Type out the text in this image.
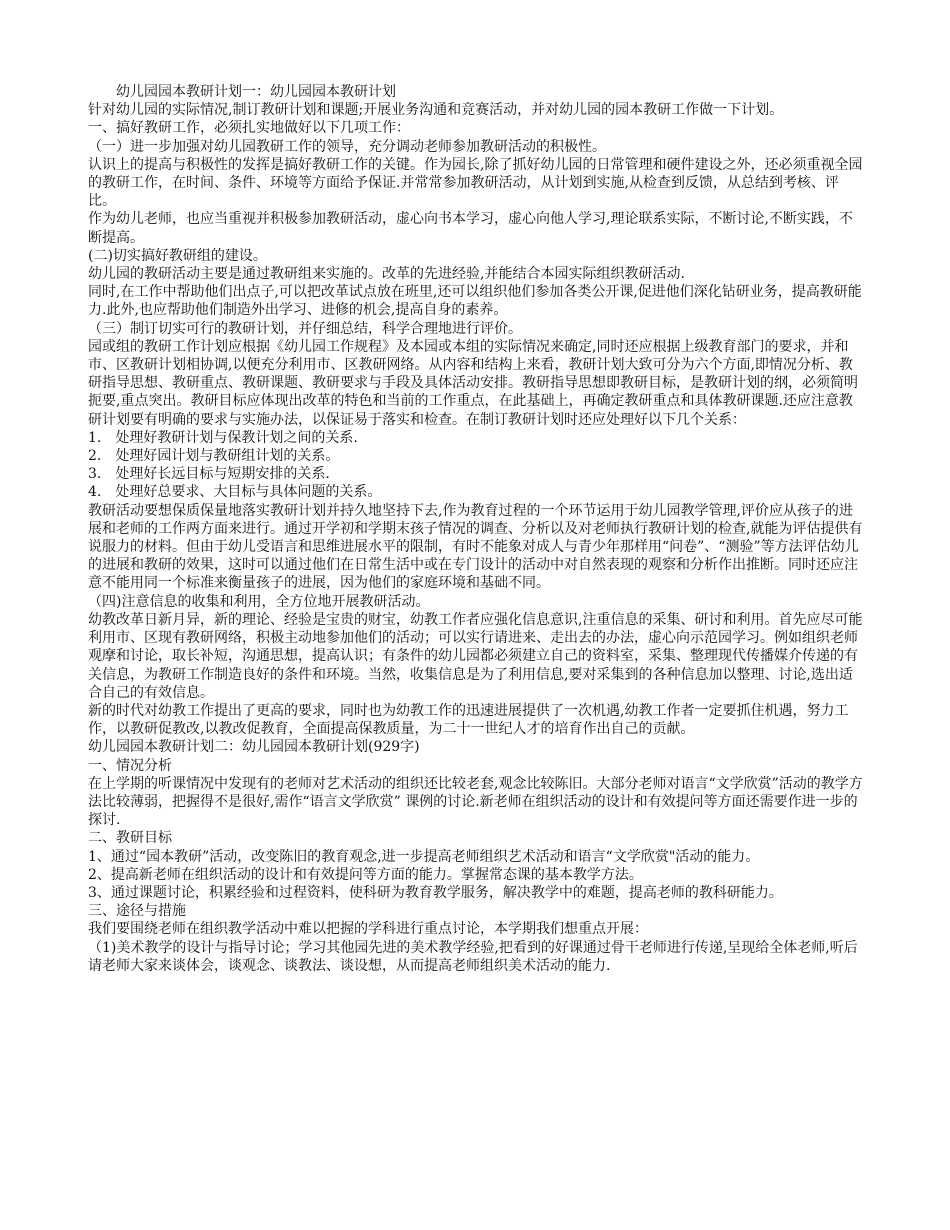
幼儿园园本教研计划一：幼儿园园本教研计划

针对幼儿园的实际情况,制订教研计划和课题;开展业务沟通和竞赛活动，并对幼儿园的园本教研工作做一下计划。

一、搞好教研工作，必须扎实地做好以下几项工作：

（一）进一步加强对幼儿园教研工作的领导，充分调动老师参加教研活动的积极性。

认识上的提高与积极性的发挥是搞好教研工作的关键。作为园长,除了抓好幼儿园的日常管理和硬件建设之外，还必须重视全园的教研工作，在时间、条件、环境等方面给予保证.并常常参加教研活动，从计划到实施,从检查到反馈，从总结到考核、评比。

作为幼儿老师，也应当重视并积极参加教研活动，虚心向书本学习，虚心向他人学习,理论联系实际，不断讨论,不断实践，不断提高。

(二)切实搞好教研组的建设。

幼儿园的教研活动主要是通过教研组来实施的。改革的先进经验,并能结合本园实际组织教研活动.

同时,在工作中帮助他们出点子,可以把改革试点放在班里,还可以组织他们参加各类公开课,促进他们深化钻研业务，提高教研能力.此外,也应帮助他们制造外出学习、进修的机会,提高自身的素养。

（三）制订切实可行的教研计划，并仔细总结，科学合理地进行评价。

园或组的教研工作计划应根据《幼儿园工作规程》及本园或本组的实际情况来确定,同时还应根据上级教育部门的要求，并和市、区教研计划相协调,以便充分利用市、区教研网络。从内容和结构上来看，教研计划大致可分为六个方面,即情况分析、教研指导思想、教研重点、教研课题、教研要求与手段及具体活动安排。教研指导思想即教研目标，是教研计划的纲，必须简明扼要,重点突出。教研目标应体现出改革的特色和当前的工作重点，在此基础上，再确定教研重点和具体教研课题.还应注意教研计划要有明确的要求与实施办法，以保证易于落实和检查。在制订教研计划时还应处理好以下几个关系：

1.　处理好教研计划与保教计划之间的关系.

2.　处理好园计划与教研组计划的关系。

3.　处理好长远目标与短期安排的关系.

4.　处理好总要求、大目标与具体问题的关系。

教研活动要想保质保量地落实教研计划并持久地坚持下去,作为教育过程的一个环节运用于幼儿园教学管理,评价应从孩子的进展和老师的工作两方面来进行。通过开学初和学期末孩子情况的调查、分析以及对老师执行教研计划的检查,就能为评估提供有说服力的材料。但由于幼儿受语言和思维进展水平的限制，有时不能象对成人与青少年那样用“问卷”、“测验”等方法评估幼儿的进展和教研的效果，这时可以通过他们在日常生活中或在专门设计的活动中对自然表现的观察和分析作出推断。同时还应注意不能用同一个标准来衡量孩子的进展，因为他们的家庭环境和基础不同。

（四)注意信息的收集和利用，全方位地开展教研活动。

幼教改革日新月异，新的理论、经验是宝贵的财宝，幼教工作者应强化信息意识,注重信息的采集、研讨和利用。首先应尽可能利用市、区现有教研网络，积极主动地参加他们的活动；可以实行请进来、走出去的办法，虚心向示范园学习。例如组织老师观摩和讨论，取长补短，沟通思想，提高认识；有条件的幼儿园都必须建立自己的资料室，采集、整理现代传播媒介传递的有关信息，为教研工作制造良好的条件和环境。当然，收集信息是为了利用信息,要对采集到的各种信息加以整理、讨论,选出适合自己的有效信息。

新的时代对幼教工作提出了更高的要求，同时也为幼教工作的迅速进展提供了一次机遇,幼教工作者一定要抓住机遇，努力工作，以教研促教改,以教改促教育，全面提高保教质量，为二十一世纪人才的培育作出自己的贡献。

幼儿园园本教研计划二：幼儿园园本教研计划(929字)

一、情况分析

在上学期的听课情况中发现有的老师对艺术活动的组织还比较老套,观念比较陈旧。大部分老师对语言“文学欣赏”活动的教学方法比较薄弱，把握得不是很好,需作“语言文学欣赏” 课例的讨论.新老师在组织活动的设计和有效提问等方面还需要作进一步的探讨.

二、教研目标

1、通过“园本教研”活动，改变陈旧的教育观念,进一步提高老师组织艺术活动和语言“文学欣赏"活动的能力。

2、提高新老师在组织活动的设计和有效提问等方面的能力。掌握常态课的基本教学方法。

3、通过课题讨论，积累经验和过程资料，使科研为教育教学服务，解决教学中的难题，提高老师的教科研能力。

三、途径与措施

我们要围绕老师在组织教学活动中难以把握的学科进行重点讨论，本学期我们想重点开展：

（1)美术教学的设计与指导讨论；学习其他园先进的美术教学经验,把看到的好课通过骨干老师进行传递,呈现给全体老师,听后请老师大家来谈体会，谈观念、谈教法、谈设想，从而提高老师组织美术活动的能力.
